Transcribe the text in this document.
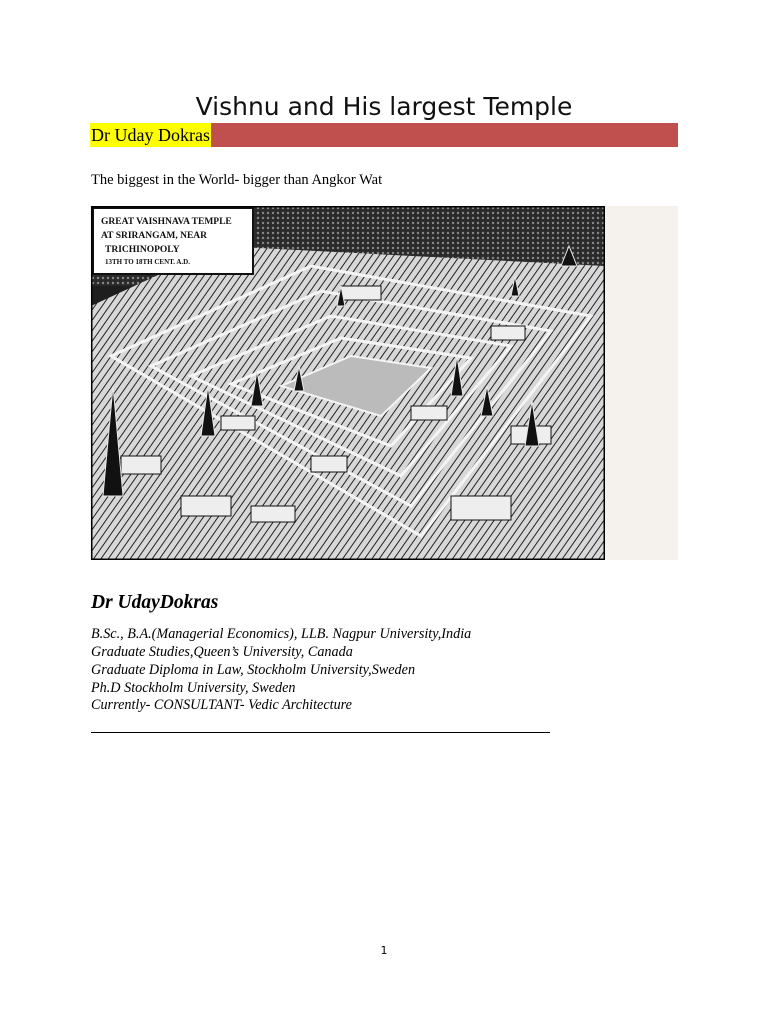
Vishnu and His largest Temple
Dr Uday Dokras
The biggest in the World- bigger than Angkor Wat
GREAT VAISHNAVA TEMPLE
AT SRIRANGAM, NEAR
TRICHINOPOLY
13TH TO 18TH CENT. A.D.
Dr UdayDokras
B.Sc., B.A.(Managerial Economics), LLB. Nagpur University,India
Graduate Studies,Queen’s University, Canada
Graduate Diploma in Law, Stockholm University,Sweden
Ph.D Stockholm University, Sweden
Currently- CONSULTANT- Vedic Architecture
1
